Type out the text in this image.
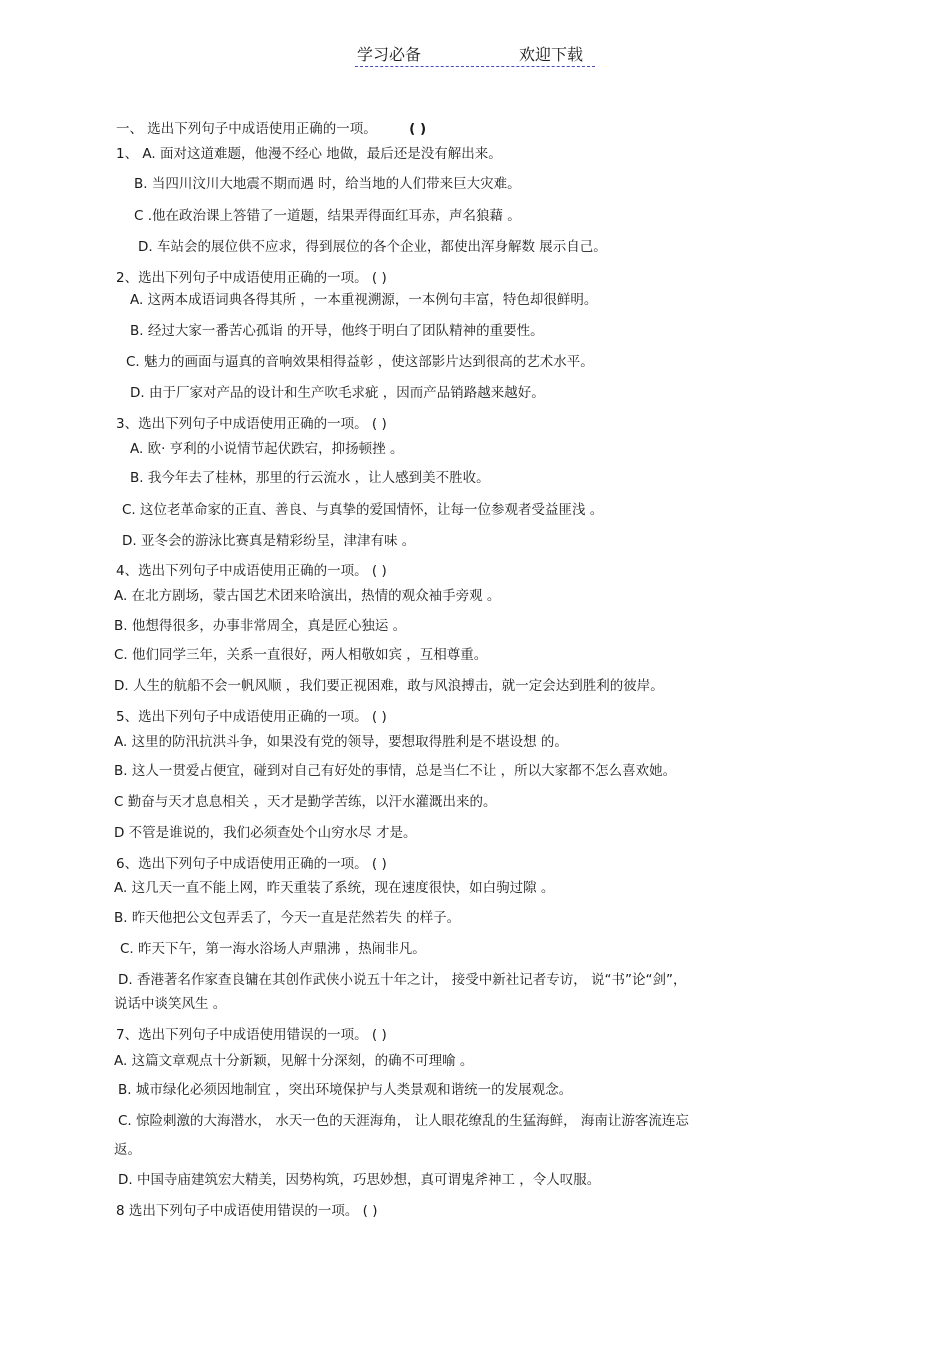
学习必备	欢迎下载
一、 选出下列句子中成语使用正确的一项。 ( )
1、 A. 面对这道难题，他漫不经心 地做，最后还是没有解出来。
B. 当四川汶川大地震不期而遇 时，给当地的人们带来巨大灾难。
C .他在政治课上答错了一道题，结果弄得面红耳赤，声名狼藉 。
D. 车站会的展位供不应求，得到展位的各个企业，都使出浑身解数 展示自己。
2、选出下列句子中成语使用正确的一项。 ( )
A. 这两本成语词典各得其所 ，一本重视溯源，一本例句丰富，特色却很鲜明。
B. 经过大家一番苦心孤诣 的开导，他终于明白了团队精神的重要性。
C. 魅力的画面与逼真的音响效果相得益彰 ，使这部影片达到很高的艺术水平。
D. 由于厂家对产品的设计和生产吹毛求疵 ，因而产品销路越来越好。
3、选出下列句子中成语使用正确的一项。 ( )
A. 欧· 亨利的小说情节起伏跌宕，抑扬顿挫 。
B. 我今年去了桂林，那里的行云流水 ，让人感到美不胜收。
C. 这位老革命家的正直、善良、与真挚的爱国情怀，让每一位参观者受益匪浅 。
D. 亚冬会的游泳比赛真是精彩纷呈，津津有味 。
4、选出下列句子中成语使用正确的一项。 ( )
A. 在北方剧场，蒙古国艺术团来哈演出，热情的观众袖手旁观 。
B. 他想得很多，办事非常周全，真是匠心独运 。
C. 他们同学三年，关系一直很好，两人相敬如宾 ，互相尊重。
D. 人生的航船不会一帆风顺 ，我们要正视困难，敢与风浪搏击，就一定会达到胜利的彼岸。
5、选出下列句子中成语使用正确的一项。 ( )
A. 这里的防汛抗洪斗争，如果没有党的领导，要想取得胜利是不堪设想 的。
B. 这人一贯爱占便宜，碰到对自己有好处的事情，总是当仁不让 ，所以大家都不怎么喜欢她。
C 勤奋与天才息息相关 ，天才是勤学苦练，以汗水灌溉出来的。
D 不管是谁说的，我们必须查处个山穷水尽 才是。
6、选出下列句子中成语使用正确的一项。 ( )
A. 这几天一直不能上网，昨天重装了系统，现在速度很快，如白驹过隙 。
B. 昨天他把公文包弄丢了，今天一直是茫然若失 的样子。
C. 昨天下午，第一海水浴场人声鼎沸 ，热闹非凡。
D. 香港著名作家查良镛在其创作武侠小说五十年之计， 接受中新社记者专访， 说“书”论“剑”，
说话中谈笑风生 。
7、选出下列句子中成语使用错误的一项。 ( )
A. 这篇文章观点十分新颖，见解十分深刻，的确不可理喻 。
B. 城市绿化必须因地制宜 ，突出环境保护与人类景观和谐统一的发展观念。
C. 惊险刺激的大海潜水， 水天一色的天涯海角， 让人眼花缭乱的生猛海鲜， 海南让游客流连忘
返。
D. 中国寺庙建筑宏大精美，因势构筑，巧思妙想，真可谓鬼斧神工 ，令人叹服。
8 选出下列句子中成语使用错误的一项。 ( )
